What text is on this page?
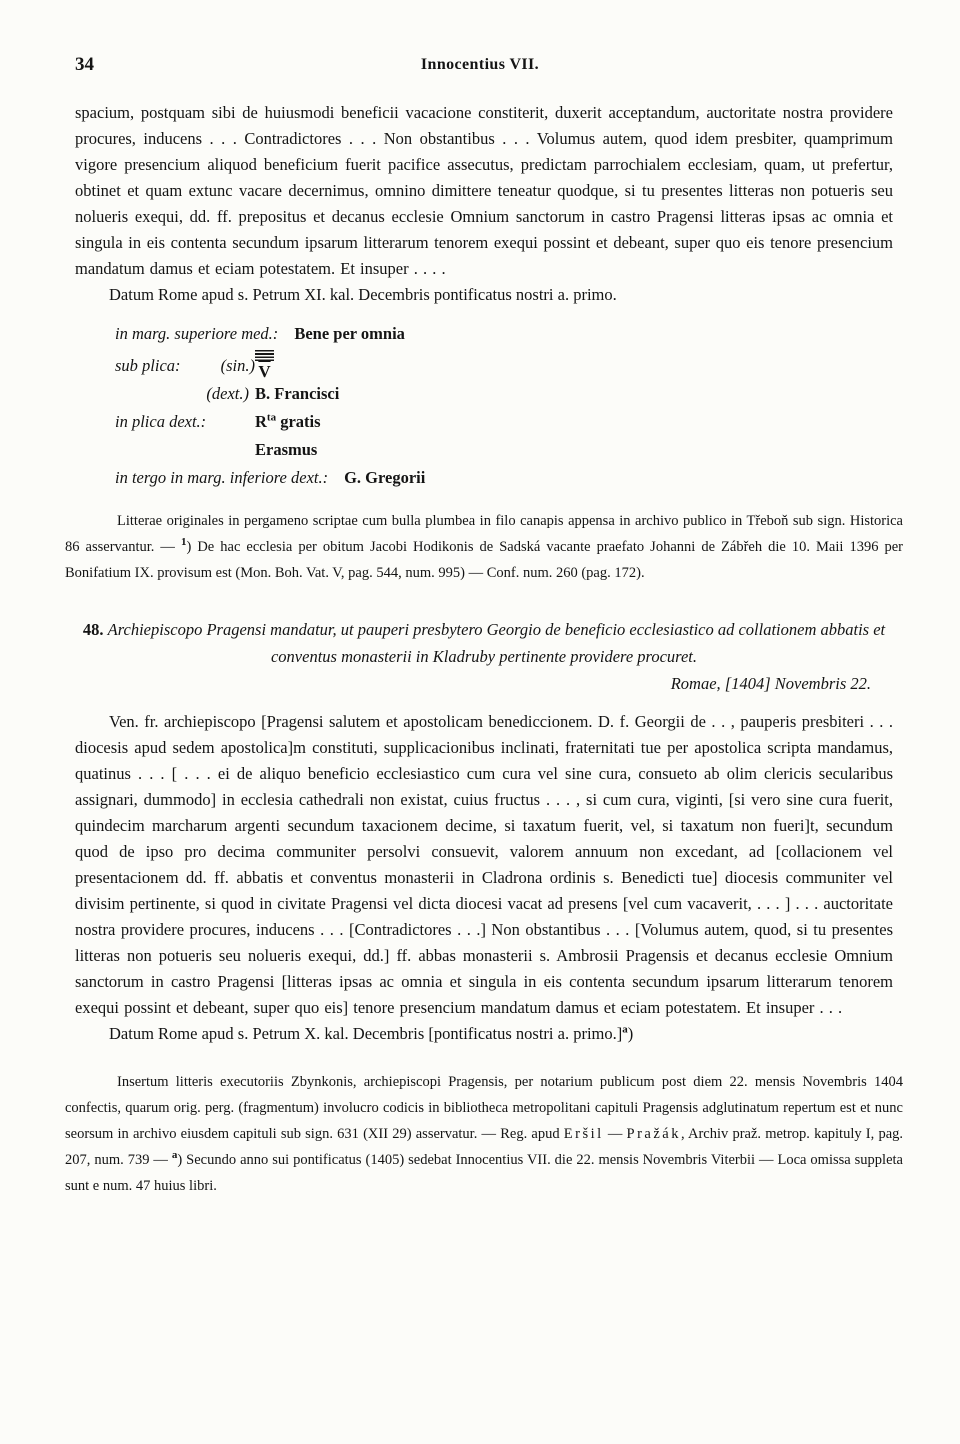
34	Innocentius VII.

spacium, postquam sibi de huiusmodi beneficii vacacione constiterit, duxerit acceptandum, auctoritate nostra providere procures, inducens . . . Contradictores . . . Non obstantibus . . . Volumus autem, quod idem presbiter, quamprimum vigore presencium aliquod beneficium fuerit pacifice assecutus, predictam parrochialem ecclesiam, quam, ut prefertur, obtinet et quam extunc vacare decernimus, omnino dimittere teneatur quodque, si tu presentes litteras non potueris seu nolueris exequi, dd. ff. prepositus et decanus ecclesie Omnium sanctorum in castro Pragensi litteras ipsas ac omnia et singula in eis contenta secundum ipsarum litterarum tenorem exequi possint et debeant, super quo eis tenore presencium mandatum damus et eciam potestatem. Et insuper . . . .

Datum Rome apud s. Petrum XI. kal. Decembris pontificatus nostri a. primo.

in marg. superiore med.: Bene per omnia
sub plica: (sin.) $\overline{V}$
(dext.) B. Francisci
in plica dext.:	$R^{ta}$ gratis
Erasmus
in tergo in marg. inferiore dext.: G. Gregorii

Litterae originales in pergameno scriptae cum bulla plumbea in filo canapis appensa in archivo publico in Třeboň sub sign. Historica 86 asservantur. — $^1$) De hac ecclesia per obitum Jacobi Hodikonis de Sadská vacante praefato Johanni de Zábřeh die 10. Maii 1396 per Bonifatium IX. provisum est (Mon. Boh. Vat. V, pag. 544, num. 995) — Conf. num. 260 (pag. 172).

48. Archiepiscopo Pragensi mandatur, ut pauperi presbytero Georgio de beneficio ecclesiastico ad collationem abbatis et conventus monasterii in Kladruby pertinente providere procuret.

Romae, [1404] Novembris 22.

Ven. fr. archiepiscopo [Pragensi salutem et apostolicam benediccionem. D. f. Georgii de . . , pauperis presbiteri . . . diocesis apud sedem apostolica]m constituti, supplicacionibus inclinati, fraternitati tue per apostolica scripta mandamus, quatinus . . . [ . . . ei de aliquo beneficio ecclesiastico cum cura vel sine cura, consueto ab olim clericis secularibus assignari, dummodo] in ecclesia cathedrali non existat, cuius fructus . . . , si cum cura, viginti, [si vero sine cura fuerit, quindecim marcharum argenti secundum taxacionem decime, si taxatum fuerit, vel, si taxatum non fueri]t, secundum quod de ipso pro decima communiter persolvi consuevit, valorem annuum non excedant, ad [collacionem vel presentacionem dd. ff. abbatis et conventus monasterii in Cladrona ordinis s. Benedicti tue] diocesis communiter vel divisim pertinente, si quod in civitate Pragensi vel dicta diocesi vacat ad presens [vel cum vacaverit, . . . ] . . . auctoritate nostra providere procures, inducens . . . [Contradictores . . .] Non obstantibus . . . [Volumus autem, quod, si tu presentes litteras non potueris seu nolueris exequi, dd.] ff. abbas monasterii s. Ambrosii Pragensis et decanus ecclesie Omnium sanctorum in castro Pragensi [litteras ipsas ac omnia et singula in eis contenta secundum ipsarum litterarum tenorem exequi possint et debeant, super quo eis] tenore presencium mandatum damus et eciam potestatem. Et insuper . . .

Datum Rome apud s. Petrum X. kal. Decembris [pontificatus nostri a. primo.]$^a$)

Insertum litteris executoriis Zbynkonis, archiepiscopi Pragensis, per notarium publicum post diem 22. mensis Novembris 1404 confectis, quarum orig. perg. (fragmentum) involucro codicis in bibliotheca metropolitani capituli Pragensis adglutinatum repertum est et nunc seorsum in archivo eiusdem capituli sub sign. 631 (XII 29) asservatur. — Reg. apud Eršil — Pražák, Archiv praž. metrop. kapituly I, pag. 207, num. 739 — $^a$) Secundo anno sui pontificatus (1405) sedebat Innocentius VII. die 22. mensis Novembris Viterbii — Loca omissa suppleta sunt e num. 47 huius libri.
